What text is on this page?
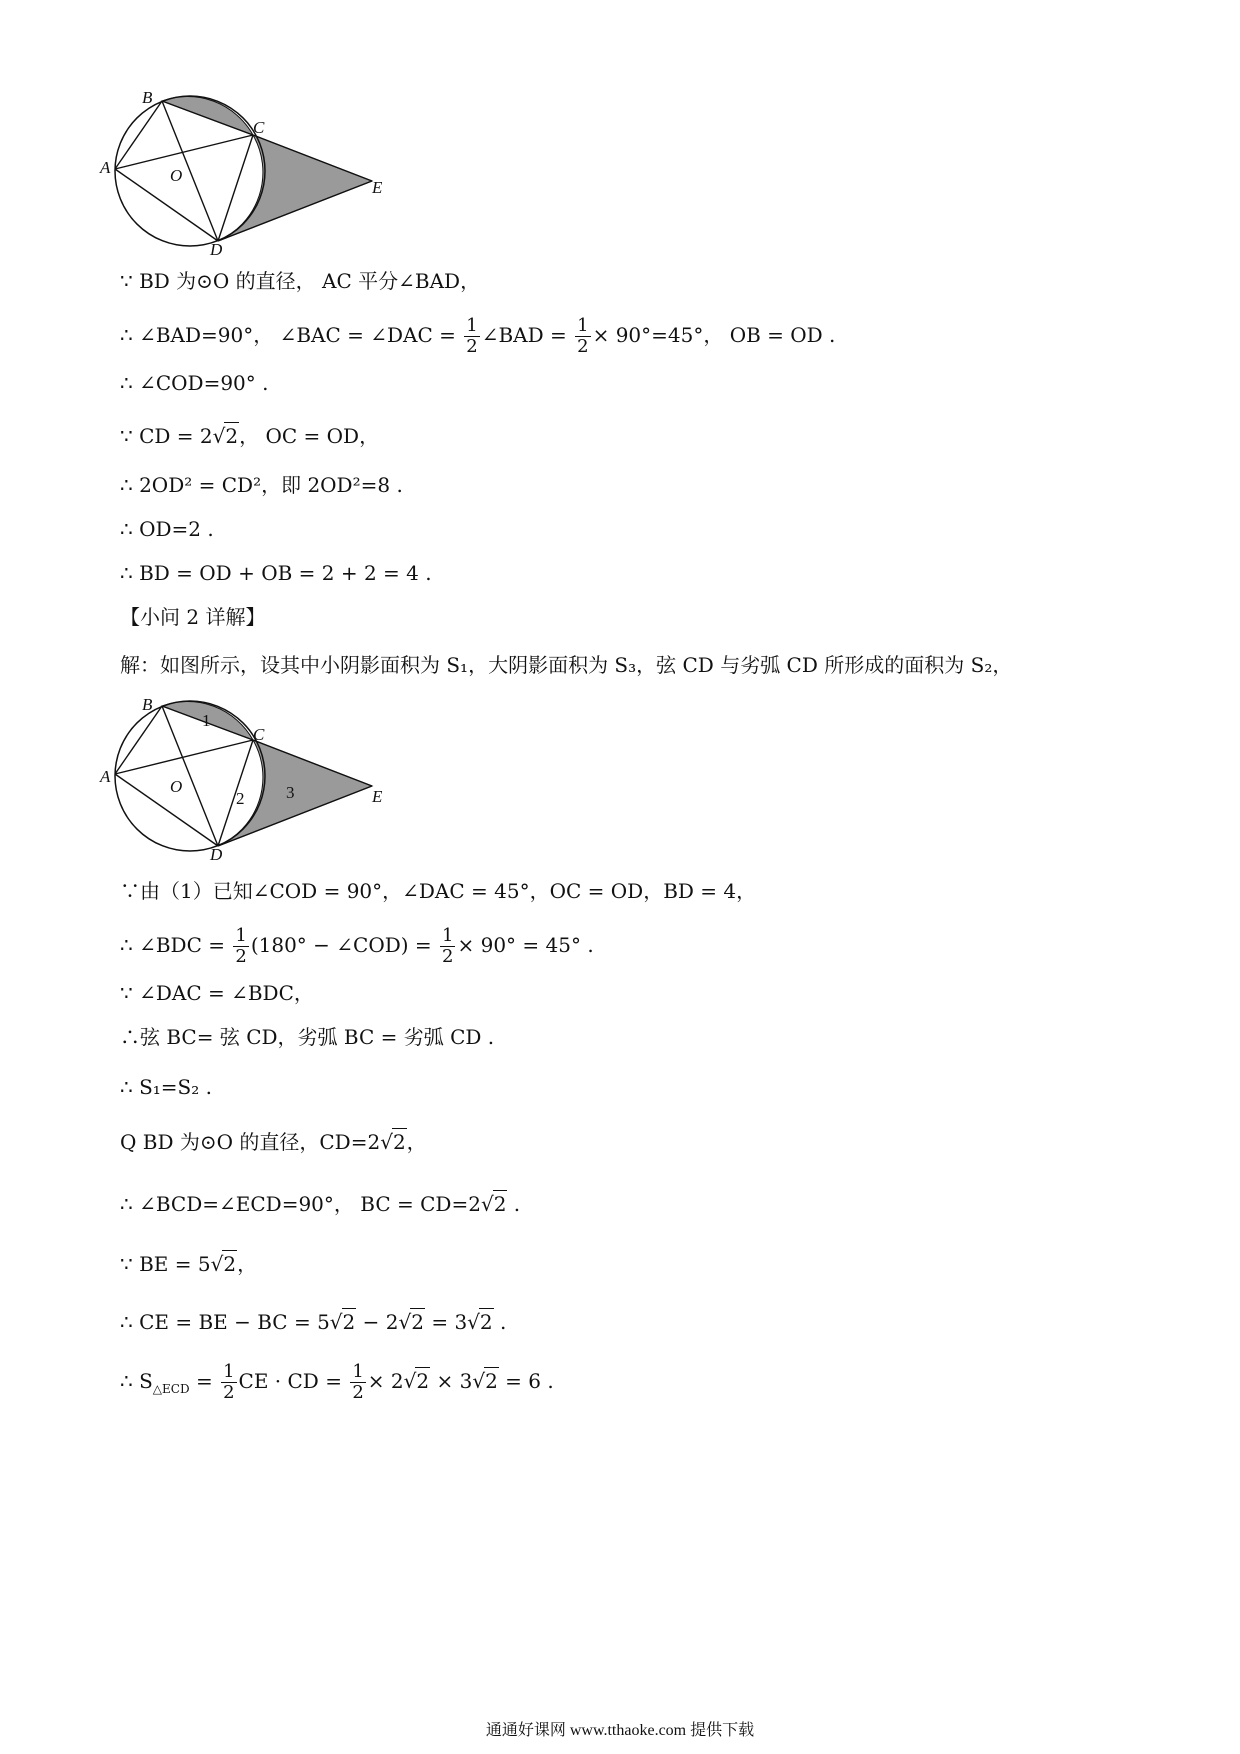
B
C
A	O
E
D
∵ BD 为⊙O 的直径， AC 平分∠BAD，
∴ ∠BAD=90°， ∠BAC = ∠DAC = $\frac{1}{2}$ ∠BAD = $\frac{1}{2} \times 90^\circ=45^\circ$， OB = OD .
∴ ∠COD=90° .
∵ CD = 2√2， OC = OD，
∴ 2OD² = CD²，即 2OD²=8 .
∴ OD=2 .
∴ BD = OD + OB = 2 + 2 = 4 .
【小问 2 详解】
解：如图所示，设其中小阴影面积为 S₁，大阴影面积为 S₃，弦 CD 与劣弧 CD 所形成的面积为 S₂，
1
2 3
B
C
A
O
E
D
∵由（1）已知∠COD = 90°，∠DAC = 45°，OC = OD，BD = 4，
∴ ∠BDC = $\frac{1}{2} (180^\circ$ − ∠COD) = $\frac{1}{2} \times 90^\circ = 45^\circ$ .
∵ ∠DAC = ∠BDC，
∴弦 BC= 弦 CD，劣弧 BC = 劣弧 CD .
∴ S₁=S₂ .
Q BD 为⊙O 的直径，CD=2√2，
∴ ∠BCD=∠ECD=90°， BC = CD=2√2 .
∵ BE = 5√2，
∴ CE = BE − BC = 5√2 − 2√2 = 3√2 .
∴ $S_{\triangle ECD} = \frac{1}{2}$ CE · CD = $\frac{1}{2} \times 2√2 \times 3√2 = 6$ .
通通好课网 www.tthaoke.com 提供下载
